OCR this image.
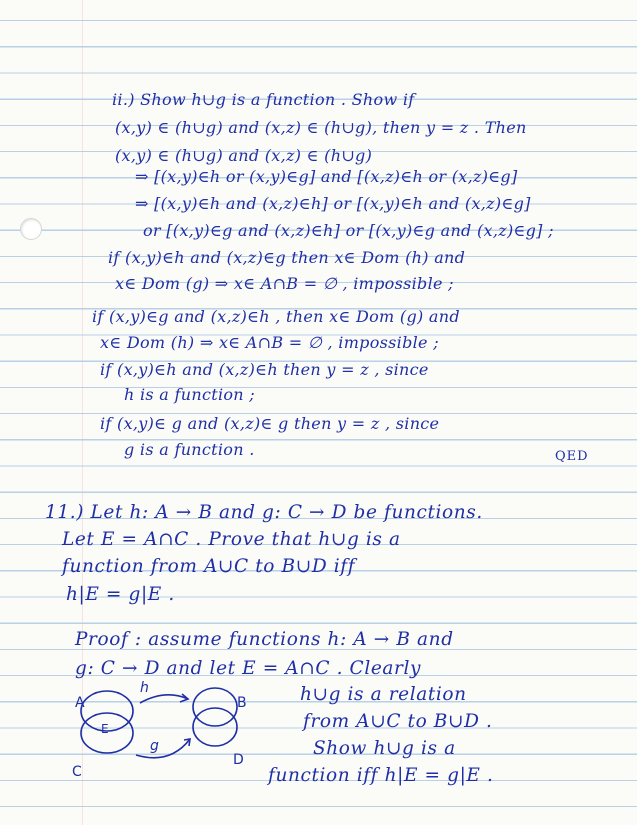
ii.) Show h∪g is a function . Show if
(x,y) ∈ (h∪g) and (x,z) ∈ (h∪g), then y = z . Then
(x,y) ∈ (h∪g) and (x,z) ∈ (h∪g)
⇒ [(x,y)∈h or (x,y)∈g] and [(x,z)∈h or (x,z)∈g]
⇒ [(x,y)∈h and (x,z)∈h] or [(x,y)∈h and (x,z)∈g]
or [(x,y)∈g and (x,z)∈h] or [(x,y)∈g and (x,z)∈g] ;
if (x,y)∈h and (x,z)∈g then x∈ Dom (h) and
x∈ Dom (g) ⇒ x∈ A∩B = ∅ , impossible ;
if (x,y)∈g and (x,z)∈h , then x∈ Dom (g) and
x∈ Dom (h) ⇒ x∈ A∩B = ∅ , impossible ;
if (x,y)∈h and (x,z)∈h then y = z , since
h is a function ;
if (x,y)∈ g and (x,z)∈ g then y = z , since
g is a function .	QED
11.) Let h: A → B and g: C → D be functions.
Let E = A∩C . Prove that h∪g is a
function from A∪C to B∪D iff
h|E = g|E .
Proof : assume functions h: A → B and
g: C → D and let E = A∩C . Clearly
h∪g is a relation
from A∪C to B∪D .
Show h∪g is a
function iff h|E = g|E .
A
C
E
B
D
h
g
